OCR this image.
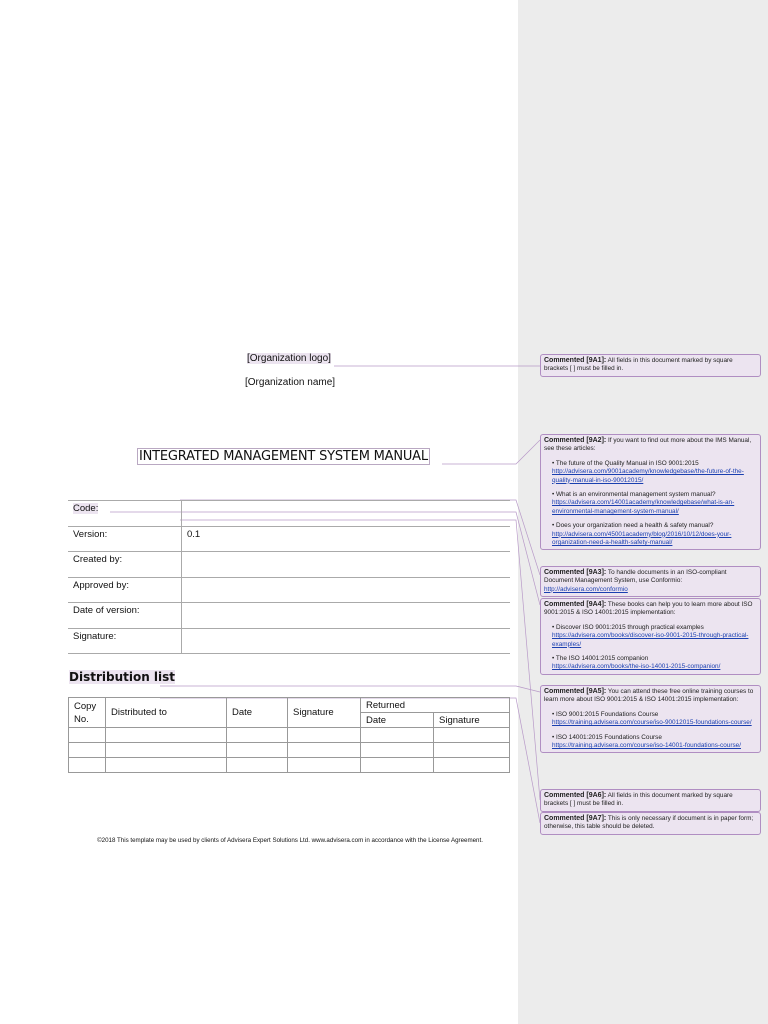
[Organization logo]
[Organization name]
INTEGRATED MANAGEMENT SYSTEM MANUAL
Code:	
Version:	0.1
Created by:	
Approved by:	
Date of version:	
Signature:	
Distribution list
Copy No.	Distributed to	Date	Signature	Returned	
				Date	Signature

©2018 This template may be used by clients of Advisera Expert Solutions Ltd. www.advisera.com in accordance with the License Agreement.
Commented [9A1]: All fields in this document marked by square brackets [ ] must be filled in.
Commented [9A2]: If you want to find out more about the IMS Manual, see these articles:
• The future of the Quality Manual in ISO 9001:2015
http://advisera.com/9001academy/knowledgebase/the-future-of-the-quality-manual-in-iso-90012015/
• What is an environmental management system manual?
https://advisera.com/14001academy/knowledgebase/what-is-an-environmental-management-system-manual/
• Does your organization need a health & safety manual?
http://advisera.com/45001academy/blog/2016/10/12/does-your-organization-need-a-health-safety-manual/
Commented [9A3]: To handle documents in an ISO-compliant Document Management System, use Conformio: http://advisera.com/conformio
Commented [9A4]: These books can help you to learn more about ISO 9001:2015 & ISO 14001:2015 implementation:
• Discover ISO 9001:2015 through practical examples
https://advisera.com/books/discover-iso-9001-2015-through-practical-examples/
• The ISO 14001:2015 companion
https://advisera.com/books/the-iso-14001-2015-companion/
Commented [9A5]: You can attend these free online training courses to learn more about ISO 9001:2015 & ISO 14001:2015 implementation:
• ISO 9001:2015 Foundations Course
https://training.advisera.com/course/iso-90012015-foundations-course/
• ISO 14001:2015 Foundations Course
https://training.advisera.com/course/iso-14001-foundations-course/
Commented [9A6]: All fields in this document marked by square brackets [ ] must be filled in.
Commented [9A7]: This is only necessary if document is in paper form; otherwise, this table should be deleted.
